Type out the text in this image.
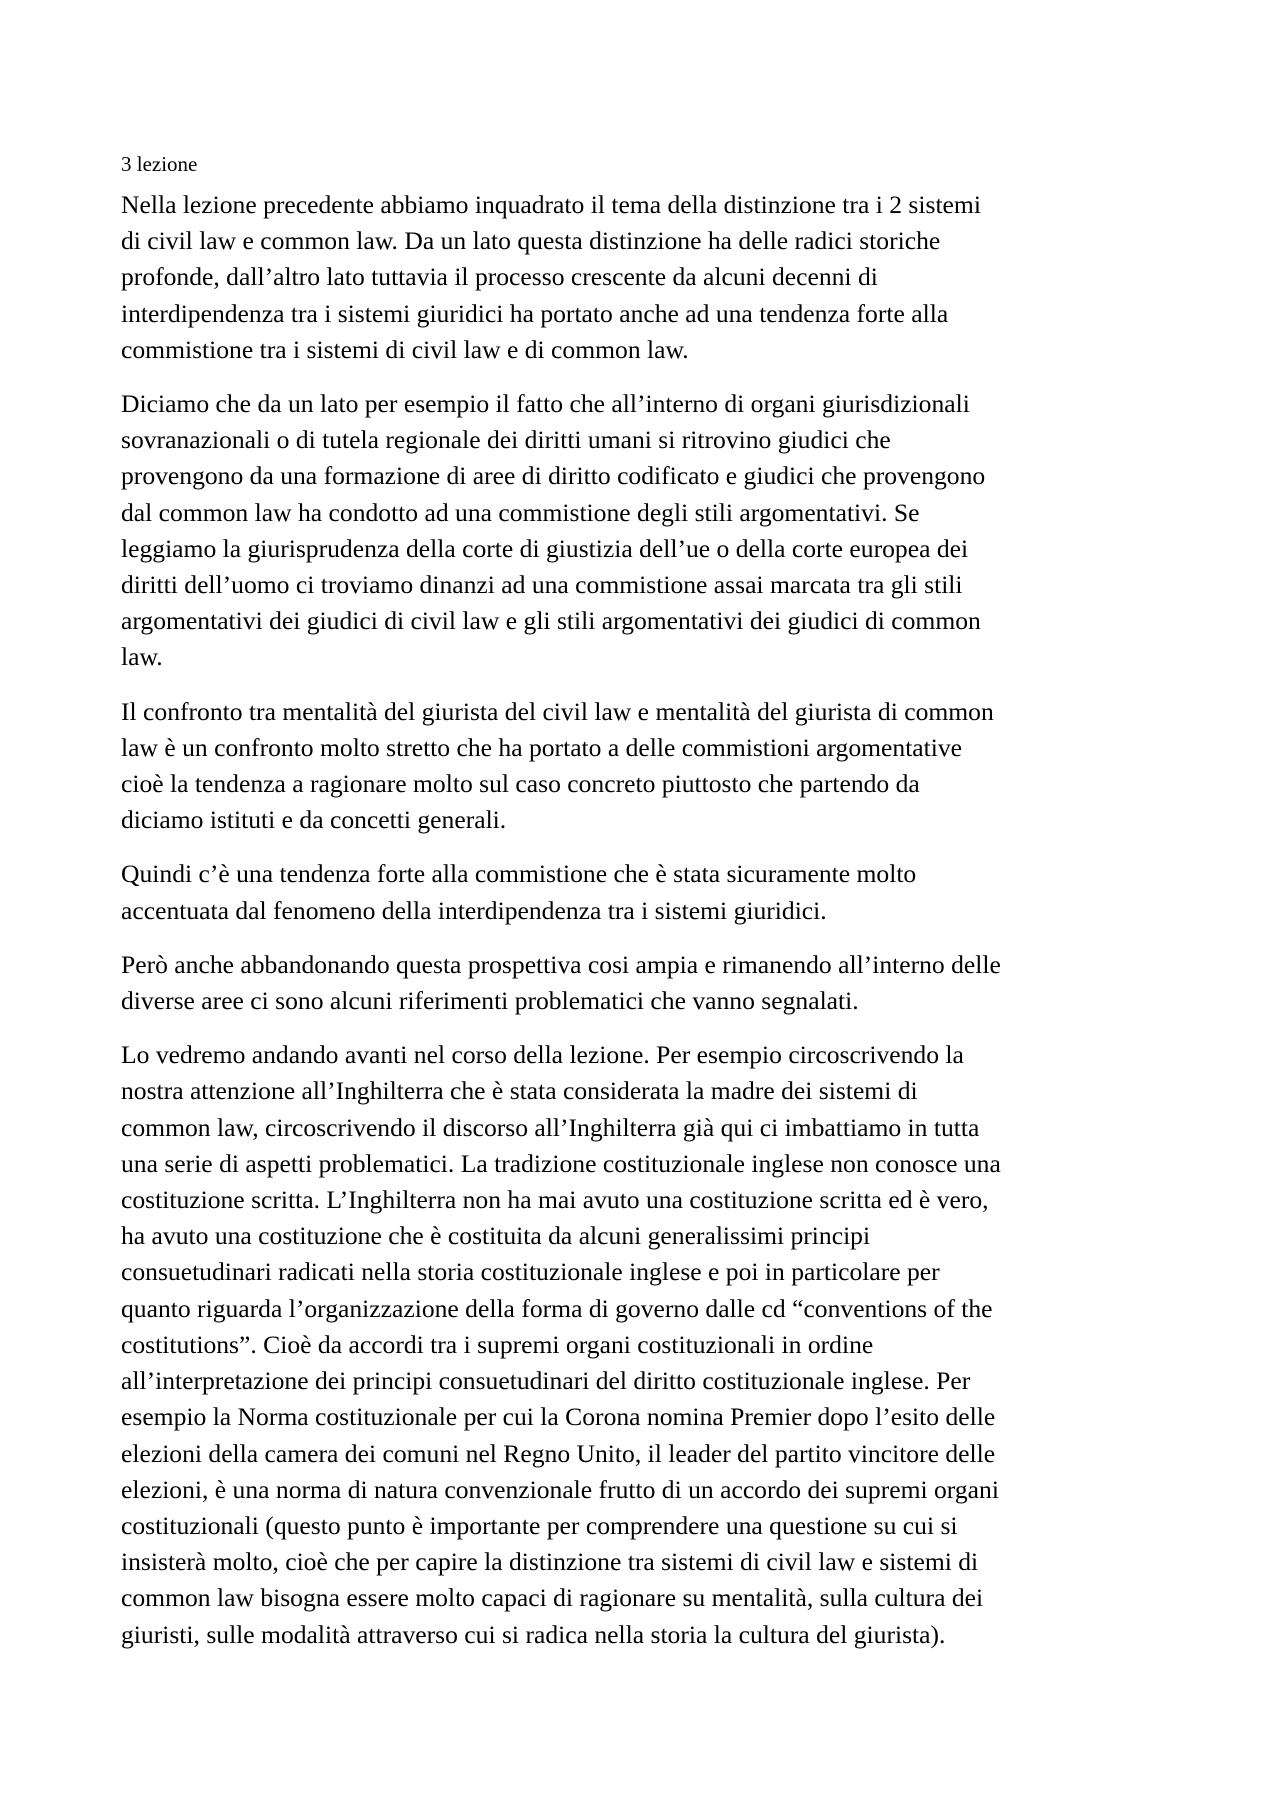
3 lezione

Nella lezione precedente abbiamo inquadrato il tema della distinzione tra i 2 sistemi
di civil law e common law. Da un lato questa distinzione ha delle radici storiche
profonde, dall’altro lato tuttavia il processo crescente da alcuni decenni di
interdipendenza tra i sistemi giuridici ha portato anche ad una tendenza forte alla
commistione tra i sistemi di civil law e di common law.

Diciamo che da un lato per esempio il fatto che all’interno di organi giurisdizionali
sovranazionali o di tutela regionale dei diritti umani si ritrovino giudici che
provengono da una formazione di aree di diritto codificato e giudici che provengono
dal common law ha condotto ad una commistione degli stili argomentativi. Se
leggiamo la giurisprudenza della corte di giustizia dell’ue o della corte europea dei
diritti dell’uomo ci troviamo dinanzi ad una commistione assai marcata tra gli stili
argomentativi dei giudici di civil law e gli stili argomentativi dei giudici di common
law.

Il confronto tra mentalità del giurista del civil law e mentalità del giurista di common
law è un confronto molto stretto che ha portato a delle commistioni argomentative
cioè la tendenza a ragionare molto sul caso concreto piuttosto che partendo da
diciamo istituti e da concetti generali.

Quindi c’è una tendenza forte alla commistione che è stata sicuramente molto
accentuata dal fenomeno della interdipendenza tra i sistemi giuridici.

Però anche abbandonando questa prospettiva cosi ampia e rimanendo all’interno delle
diverse aree ci sono alcuni riferimenti problematici che vanno segnalati.

Lo vedremo andando avanti nel corso della lezione. Per esempio circoscrivendo la
nostra attenzione all’Inghilterra che è stata considerata la madre dei sistemi di
common law, circoscrivendo il discorso all’Inghilterra già qui ci imbattiamo in tutta
una serie di aspetti problematici. La tradizione costituzionale inglese non conosce una
costituzione scritta. L’Inghilterra non ha mai avuto una costituzione scritta ed è vero,
ha avuto una costituzione che è costituita da alcuni generalissimi principi
consuetudinari radicati nella storia costituzionale inglese e poi in particolare per
quanto riguarda l’organizzazione della forma di governo dalle cd “conventions of the
costitutions”. Cioè da accordi tra i supremi organi costituzionali in ordine
all’interpretazione dei principi consuetudinari del diritto costituzionale inglese. Per
esempio la Norma costituzionale per cui la Corona nomina Premier dopo l’esito delle
elezioni della camera dei comuni nel Regno Unito, il leader del partito vincitore delle
elezioni, è una norma di natura convenzionale frutto di un accordo dei supremi organi
costituzionali (questo punto è importante per comprendere una questione su cui si
insisterà molto, cioè che per capire la distinzione tra sistemi di civil law e sistemi di
common law bisogna essere molto capaci di ragionare su mentalità, sulla cultura dei
giuristi, sulle modalità attraverso cui si radica nella storia la cultura del giurista).
